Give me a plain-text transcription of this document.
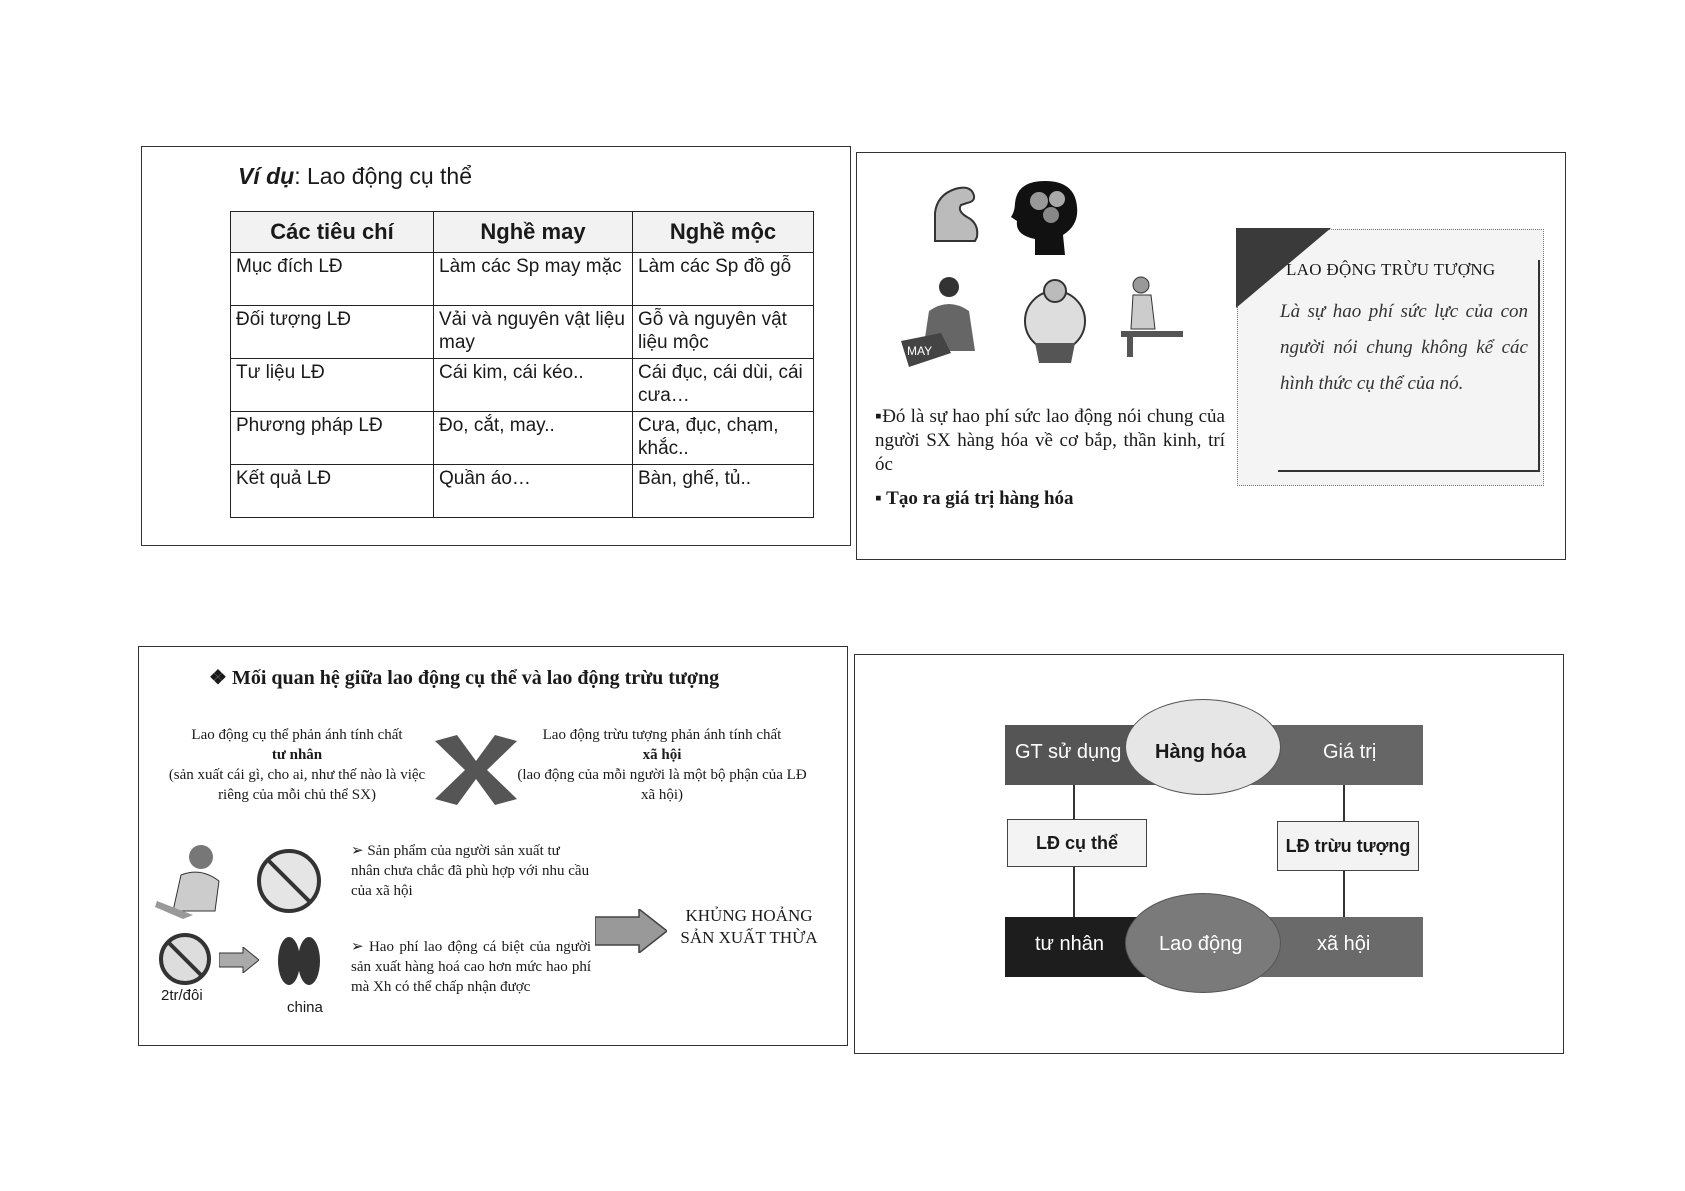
Ví dụ: Lao động cụ thể
Các tiêu chí	Nghề may	Nghề mộc
Mục đích LĐ	Làm các Sp may mặc	Làm các Sp đồ gỗ
Đối tượng LĐ	Vải và nguyên vật liệu may	Gỗ và nguyên vật liệu mộc
Tư liệu LĐ	Cái kim, cái kéo..	Cái đục, cái dùi, cái cưa…
Phương pháp LĐ	Đo, cắt, may..	Cưa, đục, chạm, khắc..
Kết quả LĐ	Quần áo…	Bàn, ghế, tủ..
MAY

▪Đó là sự hao phí sức lao động nói chung của người SX hàng hóa về cơ bắp, thần kinh, trí óc

▪ Tạo ra giá trị hàng hóa

LAO ĐỘNG TRỪU TƯỢNG
Là sự hao phí sức lực của con người nói chung không kể các hình thức cụ thể của nó.
❖ Mối quan hệ giữa lao động cụ thể và lao động trừu tượng
Lao động cụ thể phản ánh tính chất
tư nhân
(sản xuất cái gì, cho ai, như thế nào là việc riêng của mỗi chủ thể SX)
Lao động trừu tượng phản ánh tính chất
xã hội
(lao động của mỗi người là một bộ phận của LĐ xã hội)
➢ Sản phẩm của người sản xuất tư nhân chưa chắc đã phù hợp với nhu cầu của xã hội
2tr/đôi
china
➢ Hao phí lao động cá biệt của người sản xuất hàng hoá cao hơn mức hao phí mà Xh có thể chấp nhận được
KHỦNG HOẢNG SẢN XUẤT THỪA
GT sử dụng Hàng hóa	Giá trị
LĐ cụ thể	LĐ trừu tượng
tư nhân	Lao động	xã hội
